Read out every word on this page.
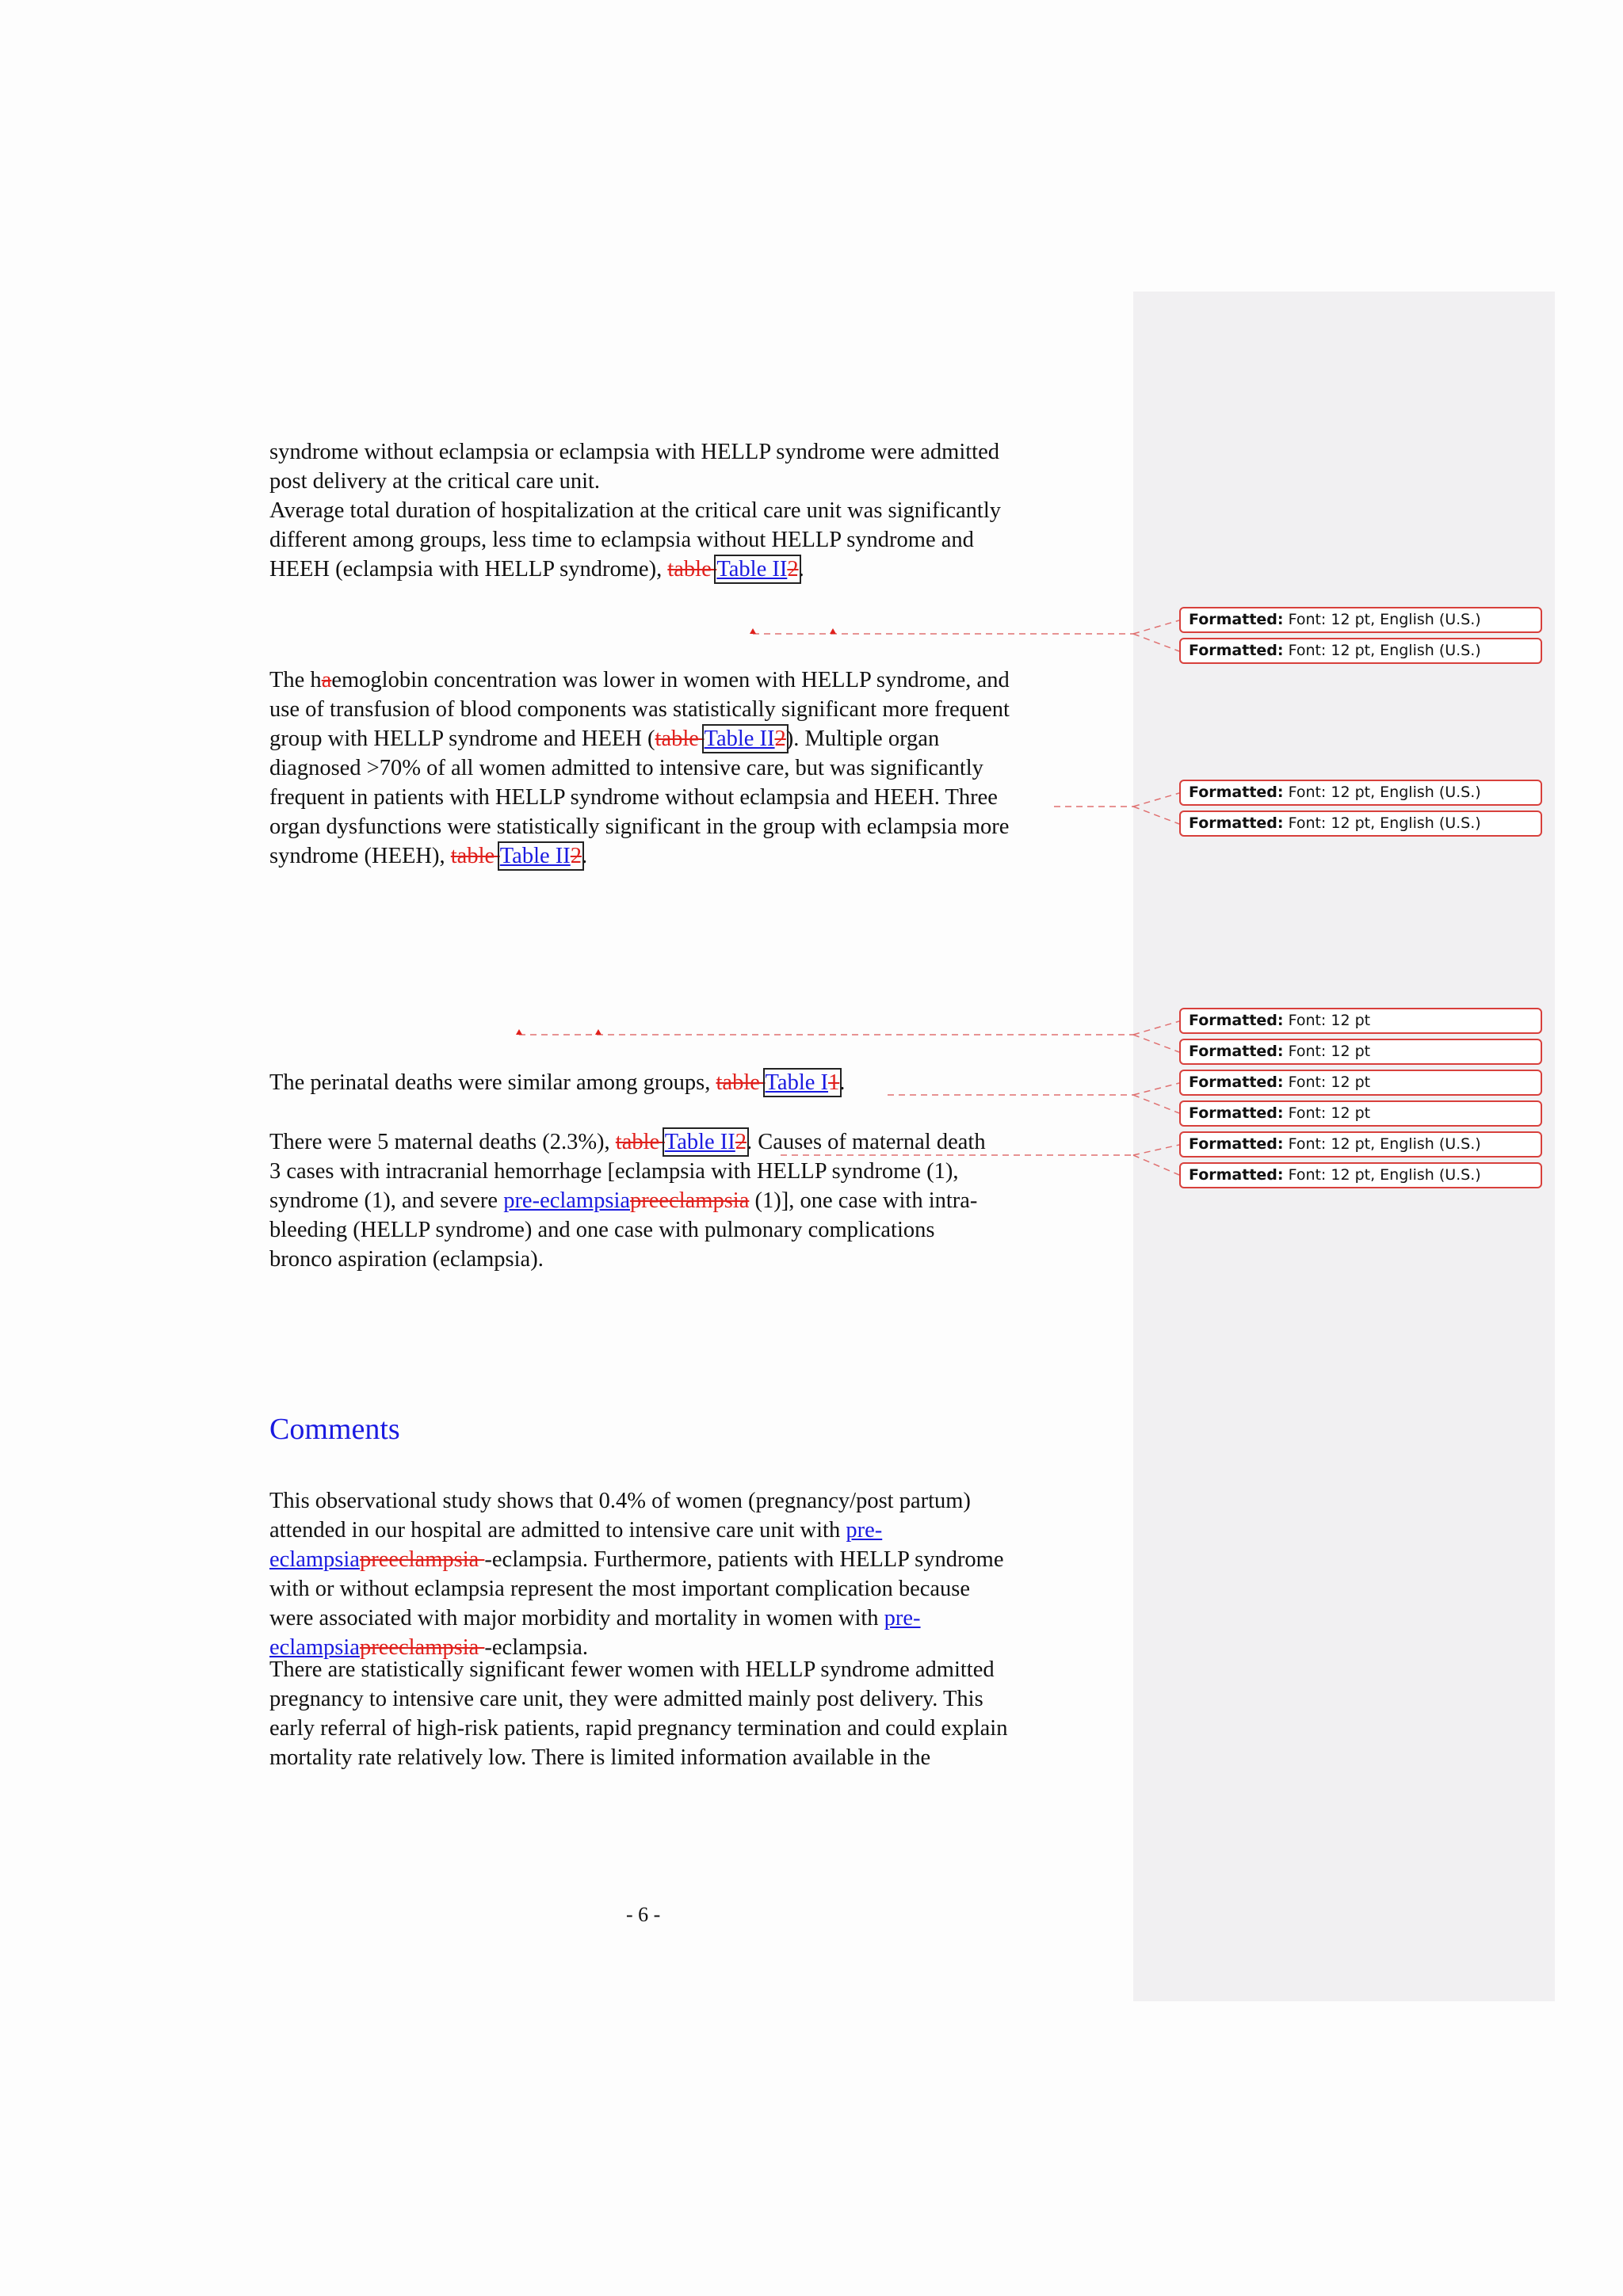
syndrome without eclampsia or eclampsia with HELLP syndrome were admitted
post delivery at the critical care unit.
Average total duration of hospitalization at the critical care unit was significantly
different among groups, less time to eclampsia without HELLP syndrome and
HEEH (eclampsia with HELLP syndrome), table Table II2.
The haemoglobin concentration was lower in women with HELLP syndrome, and
use of transfusion of blood components was statistically significant more frequent
group with HELLP syndrome and HEEH (table Table II2). Multiple organ
diagnosed >70% of all women admitted to intensive care, but was significantly
frequent in patients with HELLP syndrome without eclampsia and HEEH. Three
organ dysfunctions were statistically significant in the group with eclampsia more
syndrome (HEEH), table Table II2.
The perinatal deaths were similar among groups, table Table I1.
There were 5 maternal deaths (2.3%), table Table II2. Causes of maternal death
3 cases with intracranial hemorrhage [eclampsia with HELLP syndrome (1),
syndrome (1), and severe pre-eclampsiapreeclampsia (1)], one case with intra-
bleeding (HELLP syndrome) and one case with pulmonary complications
bronco aspiration (eclampsia).
Comments
This observational study shows that 0.4% of women (pregnancy/post partum)
attended in our hospital are admitted to intensive care unit with pre-
eclampsiapreeclampsia -eclampsia. Furthermore, patients with HELLP syndrome
with or without eclampsia represent the most important complication because
were associated with major morbidity and mortality in women with pre-
eclampsiapreeclampsia -eclampsia.
There are statistically significant fewer women with HELLP syndrome admitted
pregnancy to intensive care unit, they were admitted mainly post delivery. This
early referral of high-risk patients, rapid pregnancy termination and could explain
mortality rate relatively low. There is limited information available in the
- 6 -
Formatted: Font: 12 pt, English (U.S.)
Formatted: Font: 12 pt, English (U.S.)
Formatted: Font: 12 pt, English (U.S.)
Formatted: Font: 12 pt, English (U.S.)
Formatted: Font: 12 pt
Formatted: Font: 12 pt
Formatted: Font: 12 pt
Formatted: Font: 12 pt
Formatted: Font: 12 pt, English (U.S.)
Formatted: Font: 12 pt, English (U.S.)
